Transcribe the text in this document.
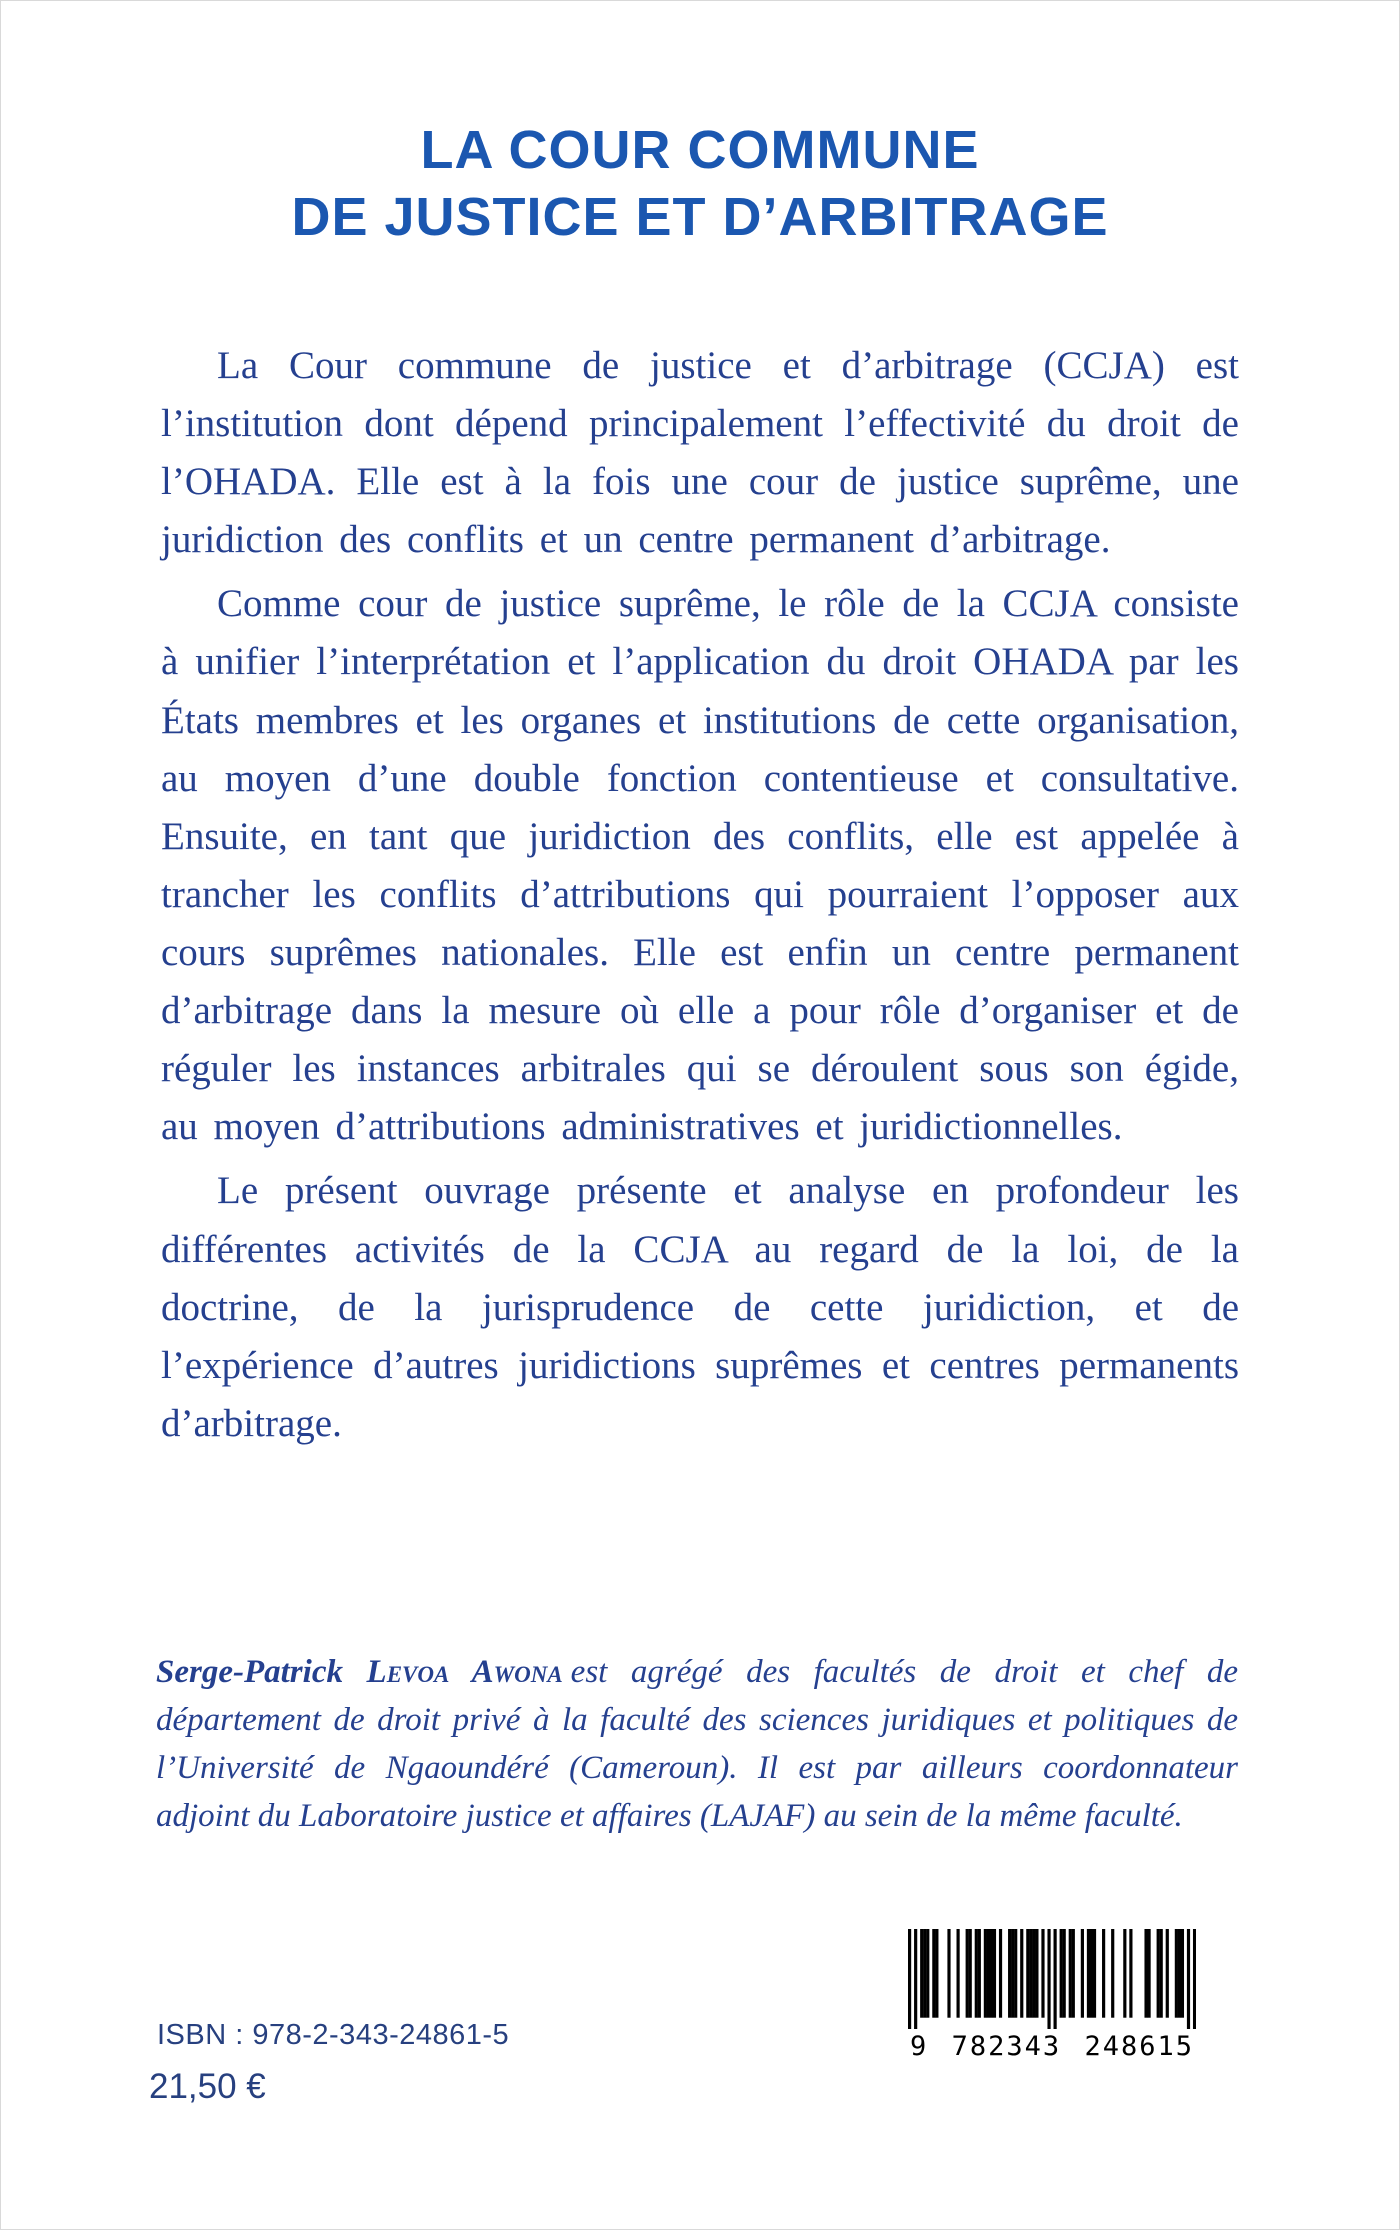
LA COUR COMMUNE
DE JUSTICE ET D’ARBITRAGE

La Cour commune de justice et d’arbitrage (CCJA) est l’institution dont dépend principalement l’effectivité du droit de l’OHADA. Elle est à la fois une cour de justice suprême, une juridiction des conflits et un centre permanent d’arbitrage.

Comme cour de justice suprême, le rôle de la CCJA consiste à unifier l’interprétation et l’application du droit OHADA par les États membres et les organes et institutions de cette organisation, au moyen d’une double fonction contentieuse et consultative. Ensuite, en tant que juridiction des conflits, elle est appelée à trancher les conflits d’attributions qui pourraient l’opposer aux cours suprêmes nationales. Elle est enfin un centre permanent d’arbitrage dans la mesure où elle a pour rôle d’organiser et de réguler les instances arbitrales qui se déroulent sous son égide, au moyen d’attributions administratives et juridictionnelles.

Le présent ouvrage présente et analyse en profondeur les différentes activités de la CCJA au regard de la loi, de la doctrine, de la jurisprudence de cette juridiction, et de l’expérience d’autres juridictions suprêmes et centres permanents d’arbitrage.

Serge-Patrick Levoa Awona est agrégé des facultés de droit et chef de département de droit privé à la faculté des sciences juridiques et politiques de l’Université de Ngaoundéré (Cameroun). Il est par ailleurs coordonnateur adjoint du Laboratoire justice et affaires (LAJAF) au sein de la même faculté.

ISBN : 978-2-343-24861-5
21,50 €
9 782343 248615
